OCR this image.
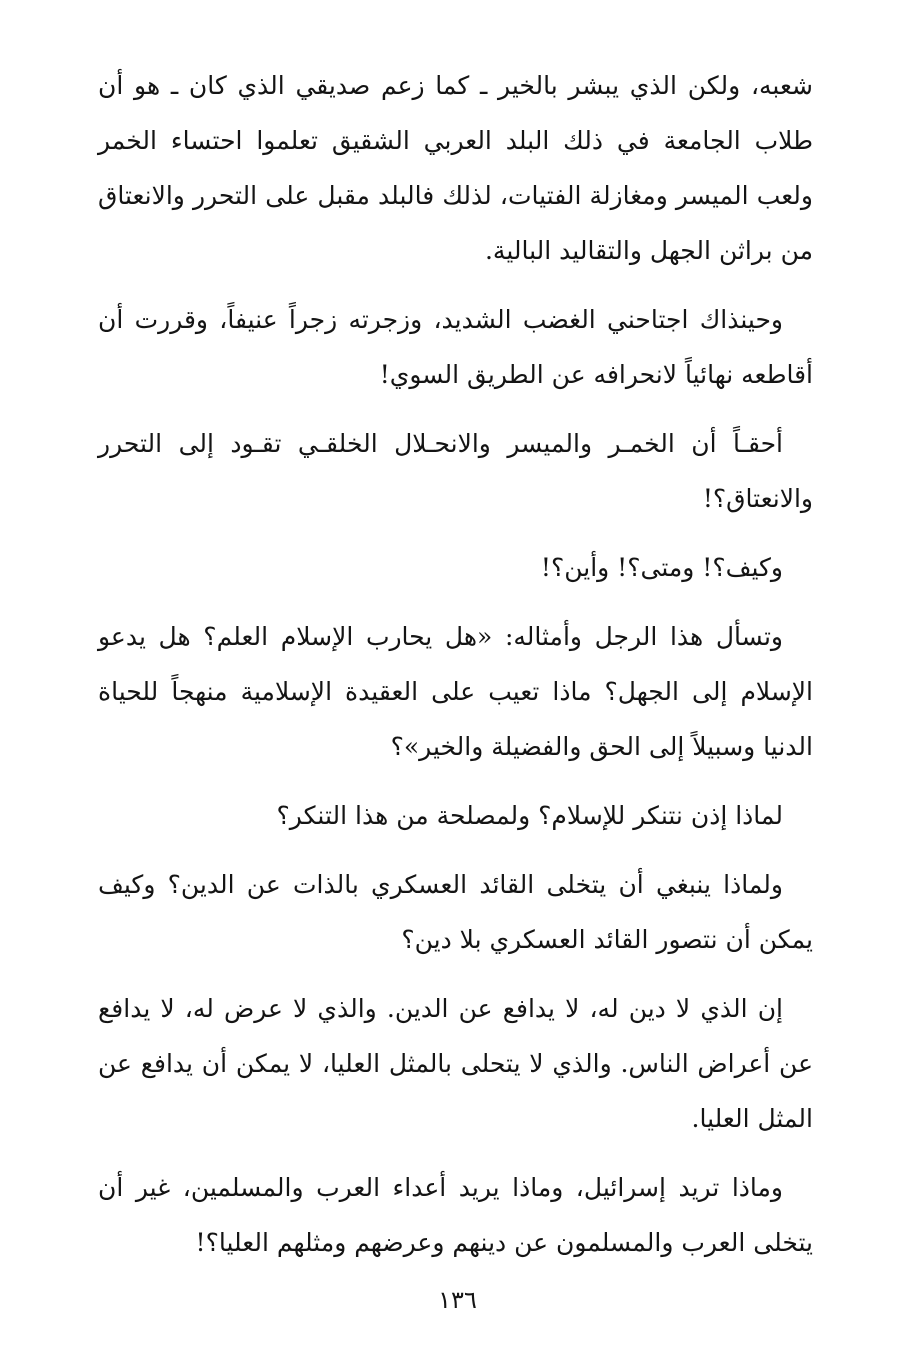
شعبه، ولكن الذي يبشر بالخير ـ كما زعم صديقي الذي كان ـ هو أن طلاب الجامعة في ذلك البلد العربي الشقيق تعلموا احتساء الخمر ولعب الميسر ومغازلة الفتيات، لذلك فالبلد مقبل على التحرر والانعتاق من براثن الجهل والتقاليد البالية.

وحينذاك اجتاحني الغضب الشديد، وزجرته زجراً عنيفاً، وقررت أن أقاطعه نهائياً لانحرافه عن الطريق السوي!

أحقـاً أن الخمـر والميسر والانحـلال الخلقـي تقـود إلى التحرر والانعتاق؟!

وكيف؟! ومتى؟! وأين؟!

وتسأل هذا الرجل وأمثاله: «هل يحارب الإسلام العلم؟ هل يدعو الإسلام إلى الجهل؟ ماذا تعيب على العقيدة الإسلامية منهجاً للحياة الدنيا وسبيلاً إلى الحق والفضيلة والخير»؟

لماذا إذن نتنكر للإسلام؟ ولمصلحة من هذا التنكر؟

ولماذا ينبغي أن يتخلى القائد العسكري بالذات عن الدين؟ وكيف يمكن أن نتصور القائد العسكري بلا دين؟

إن الذي لا دين له، لا يدافع عن الدين. والذي لا عرض له، لا يدافع عن أعراض الناس. والذي لا يتحلى بالمثل العليا، لا يمكن أن يدافع عن المثل العليا.

وماذا تريد إسرائيل، وماذا يريد أعداء العرب والمسلمين، غير أن يتخلى العرب والمسلمون عن دينهم وعرضهم ومثلهم العليا؟!

١٣٦
